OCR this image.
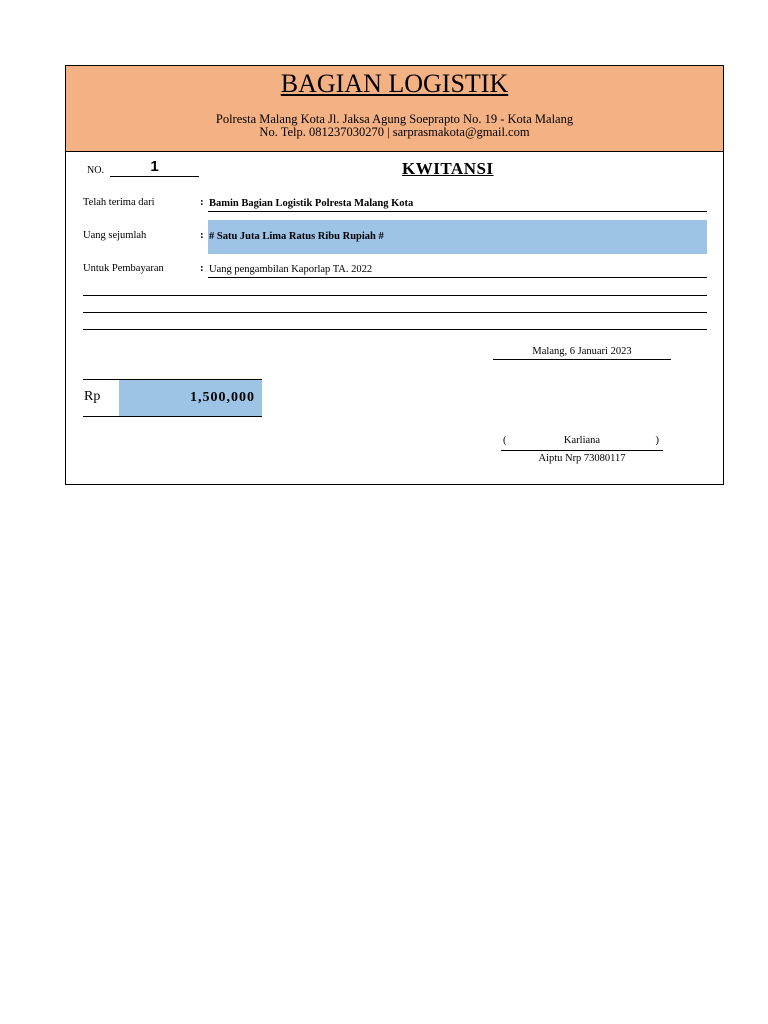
BAGIAN LOGISTIK
Polresta Malang Kota Jl. Jaksa Agung Soeprapto No. 19 - Kota Malang
No. Telp. 081237030270 | sarprasmakota@gmail.com
NO.	1	KWITANSI
Telah terima dari	: Bamin Bagian Logistik Polresta Malang Kota
Uang sejumlah	: # Satu Juta Lima Ratus Ribu Rupiah #
Untuk Pembayaran	: Uang pengambilan Kaporlap TA. 2022
Malang, 6 Januari 2023
Rp	1,500,000
(	Karliana	)
Aiptu Nrp 73080117
